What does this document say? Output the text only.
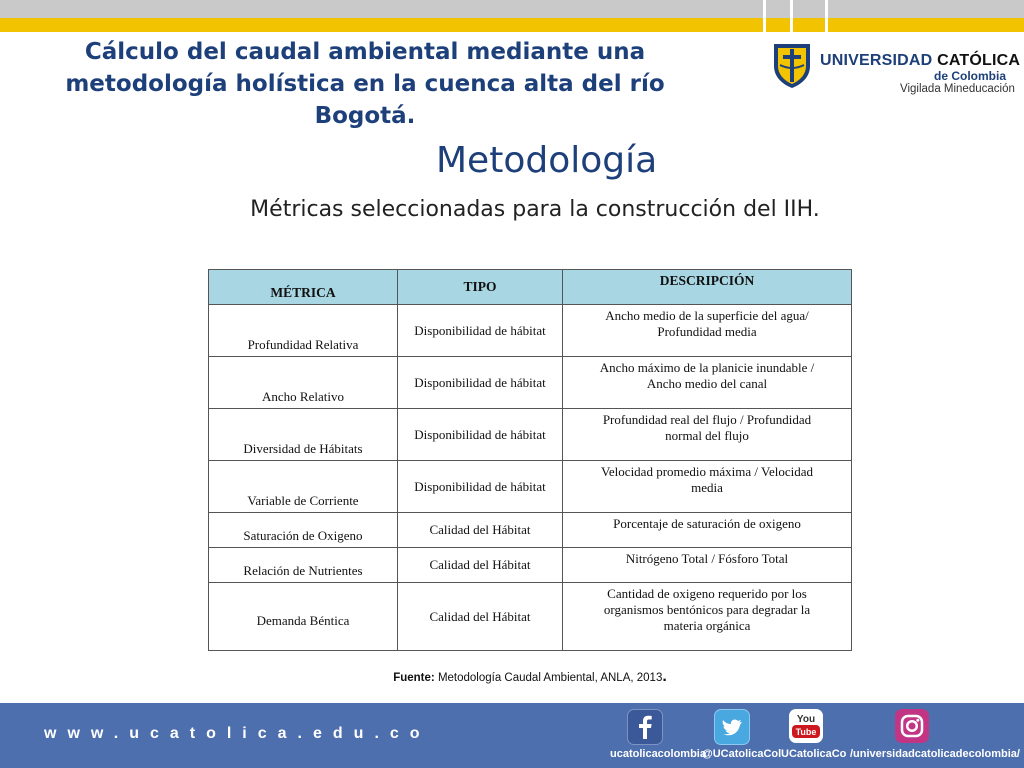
Cálculo del caudal ambiental mediante una metodología holística en la cuenca alta del río Bogotá.
UNIVERSIDAD CATÓLICA
de Colombia
Vigilada Mineducación
Metodología

Métricas seleccionadas para la construcción del IIH.

MÉTRICA	TIPO	DESCRIPCIÓN
Profundidad Relativa	Disponibilidad de hábitat	Ancho medio de la superficie del agua/
Profundidad media
Ancho Relativo	Disponibilidad de hábitat	Ancho máximo de la planicie inundable /
Ancho medio del canal
Diversidad de Hábitats	Disponibilidad de hábitat	Profundidad real del flujo / Profundidad
normal del flujo
Variable de Corriente	Disponibilidad de hábitat	Velocidad promedio máxima / Velocidad
media
Saturación de Oxigeno	Calidad del Hábitat	Porcentaje de saturación de oxigeno
Relación de Nutrientes	Calidad del Hábitat	Nitrógeno Total / Fósforo Total
Demanda Béntica	Calidad del Hábitat	Cantidad de oxigeno requerido por los
organismos bentónicos para degradar la
materia orgánica

Fuente: Metodología Caudal Ambiental, ANLA, 2013.

www.ucatolica.edu.co
You
Tube
ucatolicacolombia
@UCatolicaCol UCatolicaCo /universidadcatolicadecolombia/
